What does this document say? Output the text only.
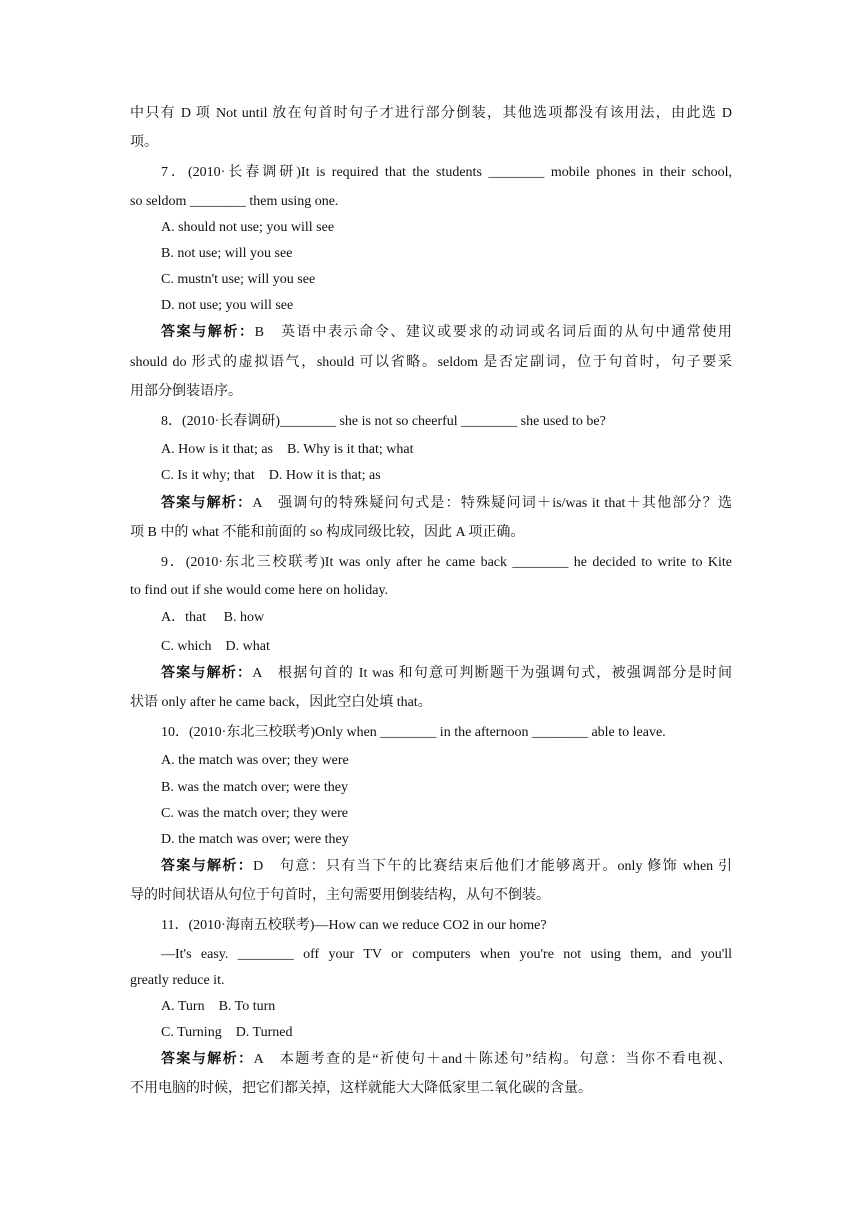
中只有 D 项 Not until 放在句首时句子才进行部分倒装，其他选项都没有该用法，由此选 D
项。
7．(2010·长春调研)It is required that the students ________ mobile phones in their school,
so seldom ________ them using one.
A. should not use; you will see
B. not use; will you see
C. mustn't use; will you see
D. not use; you will see
答案与解析：B　英语中表示命令、建议或要求的动词或名词后面的从句中通常使用
should do 形式的虚拟语气，should 可以省略。seldom 是否定副词，位于句首时，句子要采
用部分倒装语序。
8．(2010·长春调研)________ she is not so cheerful ________ she used to be?
A. How is it that; as　B. Why is it that; what
C. Is it why; that　D. How it is that; as
答案与解析：A　强调句的特殊疑问句式是：特殊疑问词＋is/was it that＋其他部分？选
项 B 中的 what 不能和前面的 so 构成同级比较，因此 A 项正确。
9．(2010·东北三校联考)It was only after he came back ________ he decided to write to Kite
to find out if she would come here on holiday.
A．that　 B. how
C. which　D. what
答案与解析：A　根据句首的 It was 和句意可判断题干为强调句式，被强调部分是时间
状语 only after he came back，因此空白处填 that。
10．(2010·东北三校联考)Only when ________ in the afternoon ________ able to leave.
A. the match was over; they were
B. was the match over; were they
C. was the match over; they were
D. the match was over; were they
答案与解析：D　句意：只有当下午的比赛结束后他们才能够离开。only 修饰 when 引
导的时间状语从句位于句首时，主句需要用倒装结构，从句不倒装。
11．(2010·海南五校联考)—How can we reduce CO2 in our home?
—It's easy. ________ off your TV or computers when you're not using them, and you'll
greatly reduce it.
A. Turn　B. To turn
C. Turning　D. Turned
答案与解析：A　本题考查的是“祈使句＋and＋陈述句”结构。句意：当你不看电视、
不用电脑的时候，把它们都关掉，这样就能大大降低家里二氧化碳的含量。
